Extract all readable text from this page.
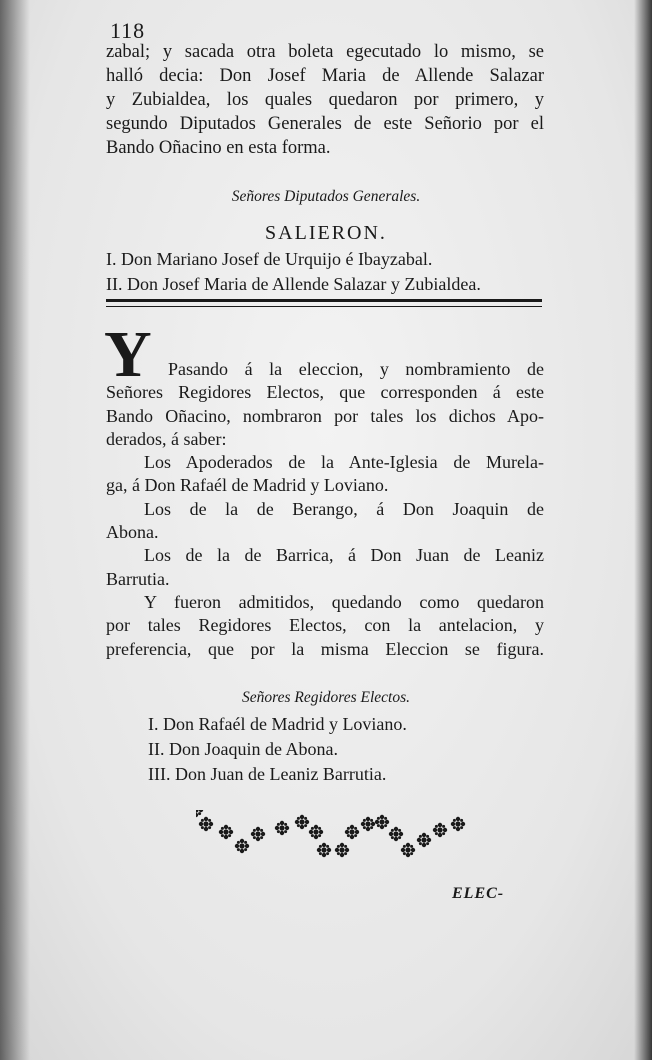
118
zabal; y sacada otra boleta egecutado lo mismo, se
halló decia: Don Josef Maria de Allende Salazar
y Zubialdea, los quales quedaron por primero, y
segundo Diputados Generales de este Señorio por el
Bando Oñacino en esta forma.
Señores Diputados Generales.
SALIERON.
I. Don Mariano Josef de Urquijo é Ibayzabal.
II. Don Josef Maria de Allende Salazar y Zubialdea.
Y Pasando á la eleccion, y nombramiento de
Señores Regidores Electos, que corresponden á este
Bando Oñacino, nombraron por tales los dichos Apo-
derados, á saber:
Los Apoderados de la Ante-Iglesia de Murela-
ga, á Don Rafaél de Madrid y Loviano.
Los de la de Berango, á Don Joaquin de
Abona.
Los de la de Barrica, á Don Juan de Leaniz
Barrutia.
Y fueron admitidos, quedando como quedaron
por tales Regidores Electos, con la antelacion, y
preferencia, que por la misma Eleccion se figura.
Señores Regidores Electos.
I. Don Rafaél de Madrid y Loviano.
II. Don Joaquin de Abona.
III. Don Juan de Leaniz Barrutia.
ELEC-
